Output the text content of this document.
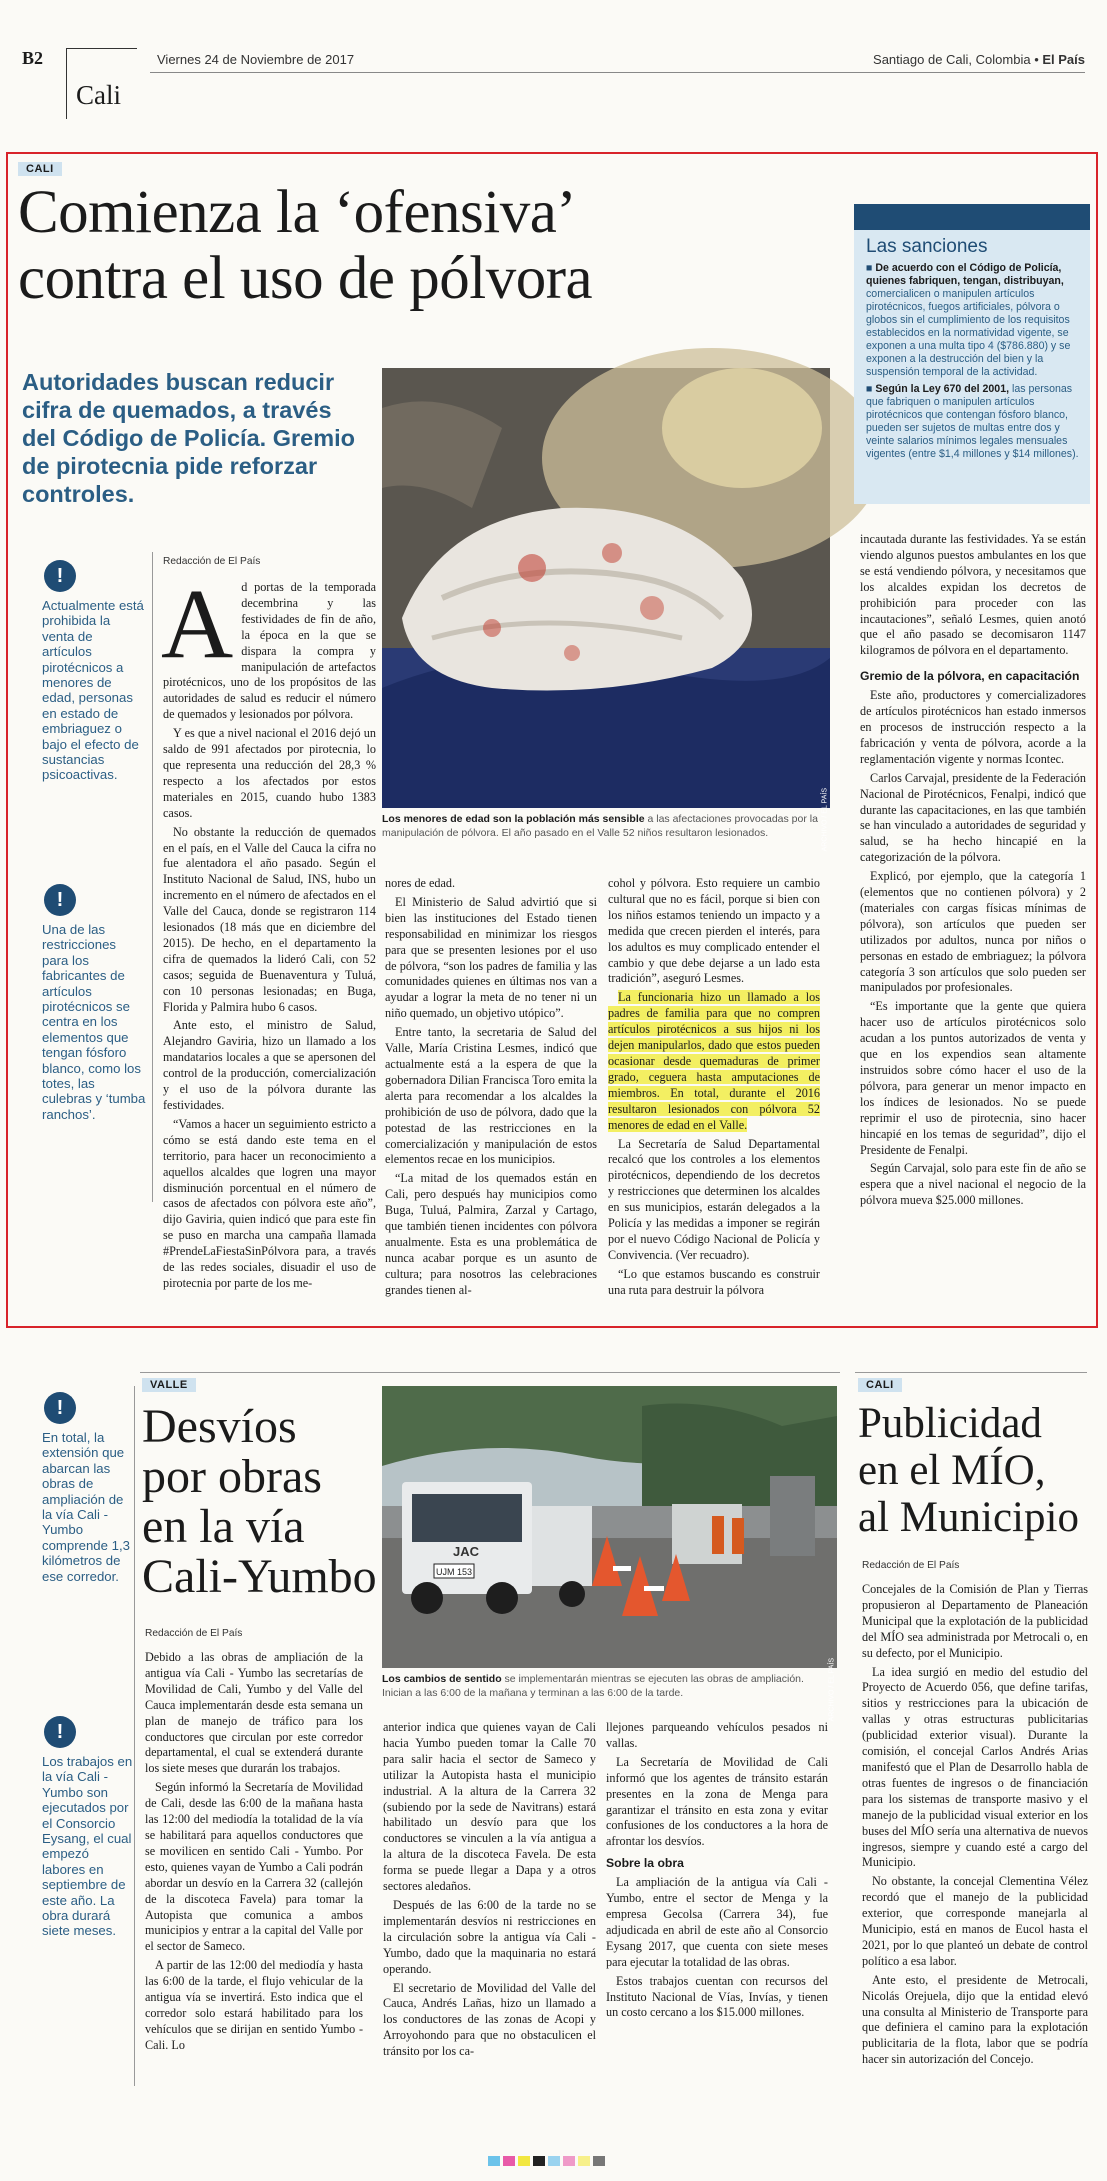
B2
Cali
Viernes 24 de Noviembre de 2017	Santiago de Cali, Colombia • El País
CALI
Comienza la ‘ofensiva’
contra el uso de pólvora
Autoridades buscan reducir cifra de quemados, a través del Código de Policía. Gremio de pirotecnia pide reforzar controles.
ARCHIVO / EL PAÍS
Los menores de edad son la población más sensible a las afectaciones provocadas por la manipulación de pólvora. El año pasado en el Valle 52 niños resultaron lesionados.
Las sanciones
■ De acuerdo con el Código de Policía, quienes fabriquen, tengan, distribuyan, comercialicen o manipulen artículos pirotécnicos, fuegos artificiales, pólvora o globos sin el cumplimiento de los requisitos establecidos en la normatividad vigente, se exponen a una multa tipo 4 ($786.880) y se exponen a la destrucción del bien y la suspensión temporal de la actividad.
■ Según la Ley 670 del 2001, las personas que fabriquen o manipulen artículos pirotécnicos que contengan fósforo blanco, pueden ser sujetos de multas entre dos y veinte salarios mínimos legales mensuales vigentes (entre $1,4 millones y $14 millones).
!
Actualmente está prohibida la venta de artículos pirotécnicos a menores de edad, personas en estado de embriaguez o bajo el efecto de sustancias psicoactivas.
!
Una de las restricciones para los fabricantes de artículos pirotécnicos se centra en los elementos que tengan fósforo blanco, como los totes, las culebras y ‘tumba ranchos’.
Redacción de El País
A d portas de la temporada decembrina y las festividades de fin de año, la época en la que se dispara la compra y manipulación de artefactos pirotécnicos, uno de los propósitos de las autoridades de salud es reducir el número de quemados y lesionados por pólvora.

Y es que a nivel nacional el 2016 dejó un saldo de 991 afectados por pirotecnia, lo que representa una reducción del 28,3 % respecto a los afectados por estos materiales en 2015, cuando hubo 1383 casos.

No obstante la reducción de quemados en el país, en el Valle del Cauca la cifra no fue alentadora el año pasado. Según el Instituto Nacional de Salud, INS, hubo un incremento en el número de afectados en el Valle del Cauca, donde se registraron 114 lesionados (18 más que en diciembre del 2015). De hecho, en el departamento la cifra de quemados la lideró Cali, con 52 casos; seguida de Buenaventura y Tuluá, con 10 personas lesionadas; en Buga, Florida y Palmira hubo 6 casos.

Ante esto, el ministro de Salud, Alejandro Gaviria, hizo un llamado a los mandatarios locales a que se apersonen del control de la producción, comercialización y el uso de la pólvora durante las festividades.

“Vamos a hacer un seguimiento estricto a cómo se está dando este tema en el territorio, para hacer un reconocimiento a aquellos alcaldes que logren una mayor disminución porcentual en el número de casos de afectados con pólvora este año”, dijo Gaviria, quien indicó que para este fin se puso en marcha una campaña llamada #PrendeLaFiestaSinPólvora para, a través de las redes sociales, disuadir el uso de pirotecnia por parte de los me-

nores de edad.

El Ministerio de Salud advirtió que si bien las instituciones del Estado tienen responsabilidad en minimizar los riesgos para que se presenten lesiones por el uso de pólvora, “son los padres de familia y las comunidades quienes en últimas nos van a ayudar a lograr la meta de no tener ni un niño quemado, un objetivo utópico”.

Entre tanto, la secretaria de Salud del Valle, María Cristina Lesmes, indicó que actualmente está a la espera de que la gobernadora Dilian Francisca Toro emita la alerta para recomendar a los alcaldes la prohibición de uso de pólvora, dado que la potestad de las restricciones en la comercialización y manipulación de estos elementos recae en los municipios.

“La mitad de los quemados están en Cali, pero después hay municipios como Buga, Tuluá, Palmira, Zarzal y Cartago, que también tienen incidentes con pólvora anualmente. Esta es una problemática de nunca acabar porque es un asunto de cultura; para nosotros las celebraciones grandes tienen al-

cohol y pólvora. Esto requiere un cambio cultural que no es fácil, porque si bien con los niños estamos teniendo un impacto y a medida que crecen pierden el interés, para los adultos es muy complicado entender el cambio y que debe dejarse a un lado esta tradición”, aseguró Lesmes.

La funcionaria hizo un llamado a los padres de familia para que no compren artículos pirotécnicos a sus hijos ni los dejen manipularlos, dado que estos pueden ocasionar desde quemaduras de primer grado, ceguera hasta amputaciones de miembros. En total, durante el 2016 resultaron lesionados con pólvora 52 menores de edad en el Valle.

La Secretaría de Salud Departamental recalcó que los controles a los elementos pirotécnicos, dependiendo de los decretos y restricciones que determinen los alcaldes en sus municipios, estarán delegados a la Policía y las medidas a imponer se regirán por el nuevo Código Nacional de Policía y Convivencia. (Ver recuadro).

“Lo que estamos buscando es construir una ruta para destruir la pólvora

incautada durante las festividades. Ya se están viendo algunos puestos ambulantes en los que se está vendiendo pólvora, y necesitamos que los alcaldes expidan los decretos de prohibición para proceder con las incautaciones”, señaló Lesmes, quien anotó que el año pasado se decomisaron 1147 kilogramos de pólvora en el departamento.

Gremio de la pólvora, en capacitación

Este año, productores y comercializadores de artículos pirotécnicos han estado inmersos en procesos de instrucción respecto a la fabricación y venta de pólvora, acorde a la reglamentación vigente y normas Icontec.

Carlos Carvajal, presidente de la Federación Nacional de Pirotécnicos, Fenalpi, indicó que durante las capacitaciones, en las que también se han vinculado a autoridades de seguridad y salud, se ha hecho hincapié en la categorización de la pólvora.

Explicó, por ejemplo, que la categoría 1 (elementos que no contienen pólvora) y 2 (materiales con cargas físicas mínimas de pólvora), son artículos que pueden ser utilizados por adultos, nunca por niños o personas en estado de embriaguez; la pólvora categoría 3 son artículos que solo pueden ser manipulados por profesionales.

“Es importante que la gente que quiera hacer uso de artículos pirotécnicos solo acudan a los puntos autorizados de venta y que en los expendios sean altamente instruidos sobre cómo hacer el uso de la pólvora, para generar un menor impacto en los índices de lesionados. No se puede reprimir el uso de pirotecnia, sino hacer hincapié en los temas de seguridad”, dijo el Presidente de Fenalpi.

Según Carvajal, solo para este fin de año se espera que a nivel nacional el negocio de la pólvora mueva $25.000 millones.

VALLE
Desvíos
por obras
en la vía
Cali-Yumbo
Redacción de El País
!
En total, la extensión que abarcan las obras de ampliación de la vía Cali - Yumbo comprende 1,3 kilómetros de ese corredor.
!
Los trabajos en la vía Cali - Yumbo son ejecutados por el Consorcio Eysang, el cual empezó labores en septiembre de este año. La obra durará siete meses.

Debido a las obras de ampliación de la antigua vía Cali - Yumbo las secretarías de Movilidad de Cali, Yumbo y del Valle del Cauca implementarán desde esta semana un plan de manejo de tráfico para los conductores que circulan por este corredor departamental, el cual se extenderá durante los siete meses que durarán los trabajos.

Según informó la Secretaría de Movilidad de Cali, desde las 6:00 de la mañana hasta las 12:00 del mediodía la totalidad de la vía se habilitará para aquellos conductores que se movilicen en sentido Cali - Yumbo. Por esto, quienes vayan de Yumbo a Cali podrán abordar un desvío en la Carrera 32 (callejón de la discoteca Favela) para tomar la Autopista que comunica a ambos municipios y entrar a la capital del Valle por el sector de Sameco.

A partir de las 12:00 del mediodía y hasta las 6:00 de la tarde, el flujo vehicular de la antigua vía se invertirá. Esto indica que el corredor solo estará habilitado para los vehículos que se dirijan en sentido Yumbo - Cali. Lo

UJM 153
JAC
ARCHIVO / EL PAÍS
Los cambios de sentido se implementarán mientras se ejecuten las obras de ampliación. Inician a las 6:00 de la mañana y terminan a las 6:00 de la tarde.

anterior indica que quienes vayan de Cali hacia Yumbo pueden tomar la Calle 70 para salir hacia el sector de Sameco y utilizar la Autopista hasta el municipio industrial. A la altura de la Carrera 32 (subiendo por la sede de Navitrans) estará habilitado un desvío para que los conductores se vinculen a la vía antigua a la altura de la discoteca Favela. De esta forma se puede llegar a Dapa y a otros sectores aledaños.

Después de las 6:00 de la tarde no se implementarán desvíos ni restricciones en la circulación sobre la antigua vía Cali - Yumbo, dado que la maquinaria no estará operando.

El secretario de Movilidad del Valle del Cauca, Andrés Lañas, hizo un llamado a los conductores de las zonas de Acopi y Arroyohondo para que no obstaculicen el tránsito por los ca-

llejones parqueando vehículos pesados ni vallas.

La Secretaría de Movilidad de Cali informó que los agentes de tránsito estarán presentes en la zona de Menga para garantizar el tránsito en esta zona y evitar confusiones de los conductores a la hora de afrontar los desvíos.

Sobre la obra

La ampliación de la antigua vía Cali - Yumbo, entre el sector de Menga y la empresa Gecolsa (Carrera 34), fue adjudicada en abril de este año al Consorcio Eysang 2017, que cuenta con siete meses para ejecutar la totalidad de las obras.

Estos trabajos cuentan con recursos del Instituto Nacional de Vías, Invías, y tienen un costo cercano a los $15.000 millones.

CALI
Publicidad
en el MÍO,
al Municipio
Redacción de El País

Concejales de la Comisión de Plan y Tierras propusieron al Departamento de Planeación Municipal que la explotación de la publicidad del MÍO sea administrada por Metrocali o, en su defecto, por el Municipio.

La idea surgió en medio del estudio del Proyecto de Acuerdo 056, que define tarifas, sitios y restricciones para la ubicación de vallas y otras estructuras publicitarias (publicidad exterior visual). Durante la comisión, el concejal Carlos Andrés Arias manifestó que el Plan de Desarrollo habla de otras fuentes de ingresos o de financiación para los sistemas de transporte masivo y el manejo de la publicidad visual exterior en los buses del MÍO sería una alternativa de nuevos ingresos, siempre y cuando esté a cargo del Municipio.

No obstante, la concejal Clementina Vélez recordó que el manejo de la publicidad exterior, que corresponde manejarla al Municipio, está en manos de Eucol hasta el 2021, por lo que planteó un debate de control político a esa labor.

Ante esto, el presidente de Metrocali, Nicolás Orejuela, dijo que la entidad elevó una consulta al Ministerio de Transporte para que definiera el camino para la explotación publicitaria de la flota, labor que se podría hacer sin autorización del Concejo.
